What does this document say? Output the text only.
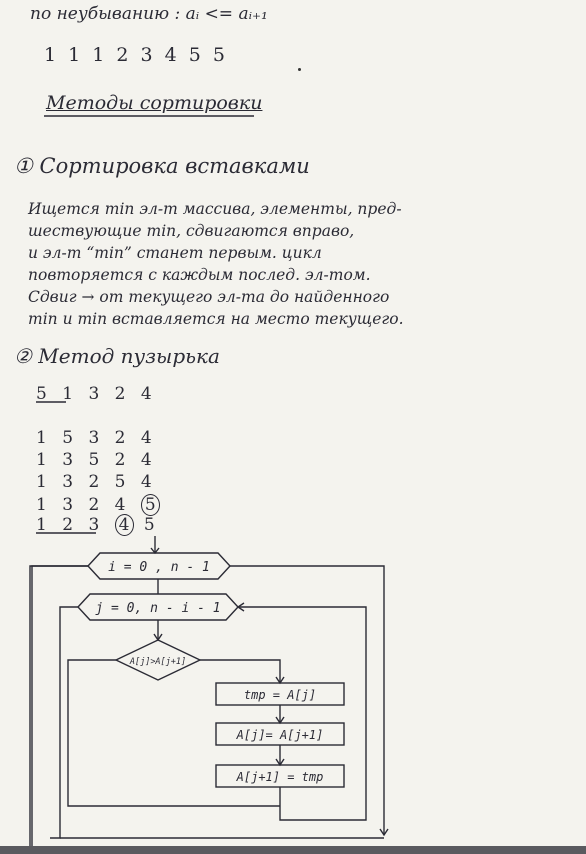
по неубыванию : aᵢ <= aᵢ₊₁
1 1 1 2 3 4 5 5
Методы сортировки
① Сортировка вставками
Ищется min эл-т массива, элементы, пред-
шествующие min, сдвигаются вправо,
и эл-т “min” станет первым. цикл
повторяется с каждым послед. эл-том.
Сдвиг → от текущего эл-та до найденного
min и min вставляется на место текущего.
② Метод пузырька
5 1 3 2 4
1 5 3 2 4
1 3 5 2 4
1 3 2 5 4
1 3 2 4 5
1 2 3 4 5
i = 0 , n - 1
j = 0, n - i - 1
A[j]>A[j+1]
tmp = A[j]
A[j]= A[j+1]
A[j+1] = tmp
